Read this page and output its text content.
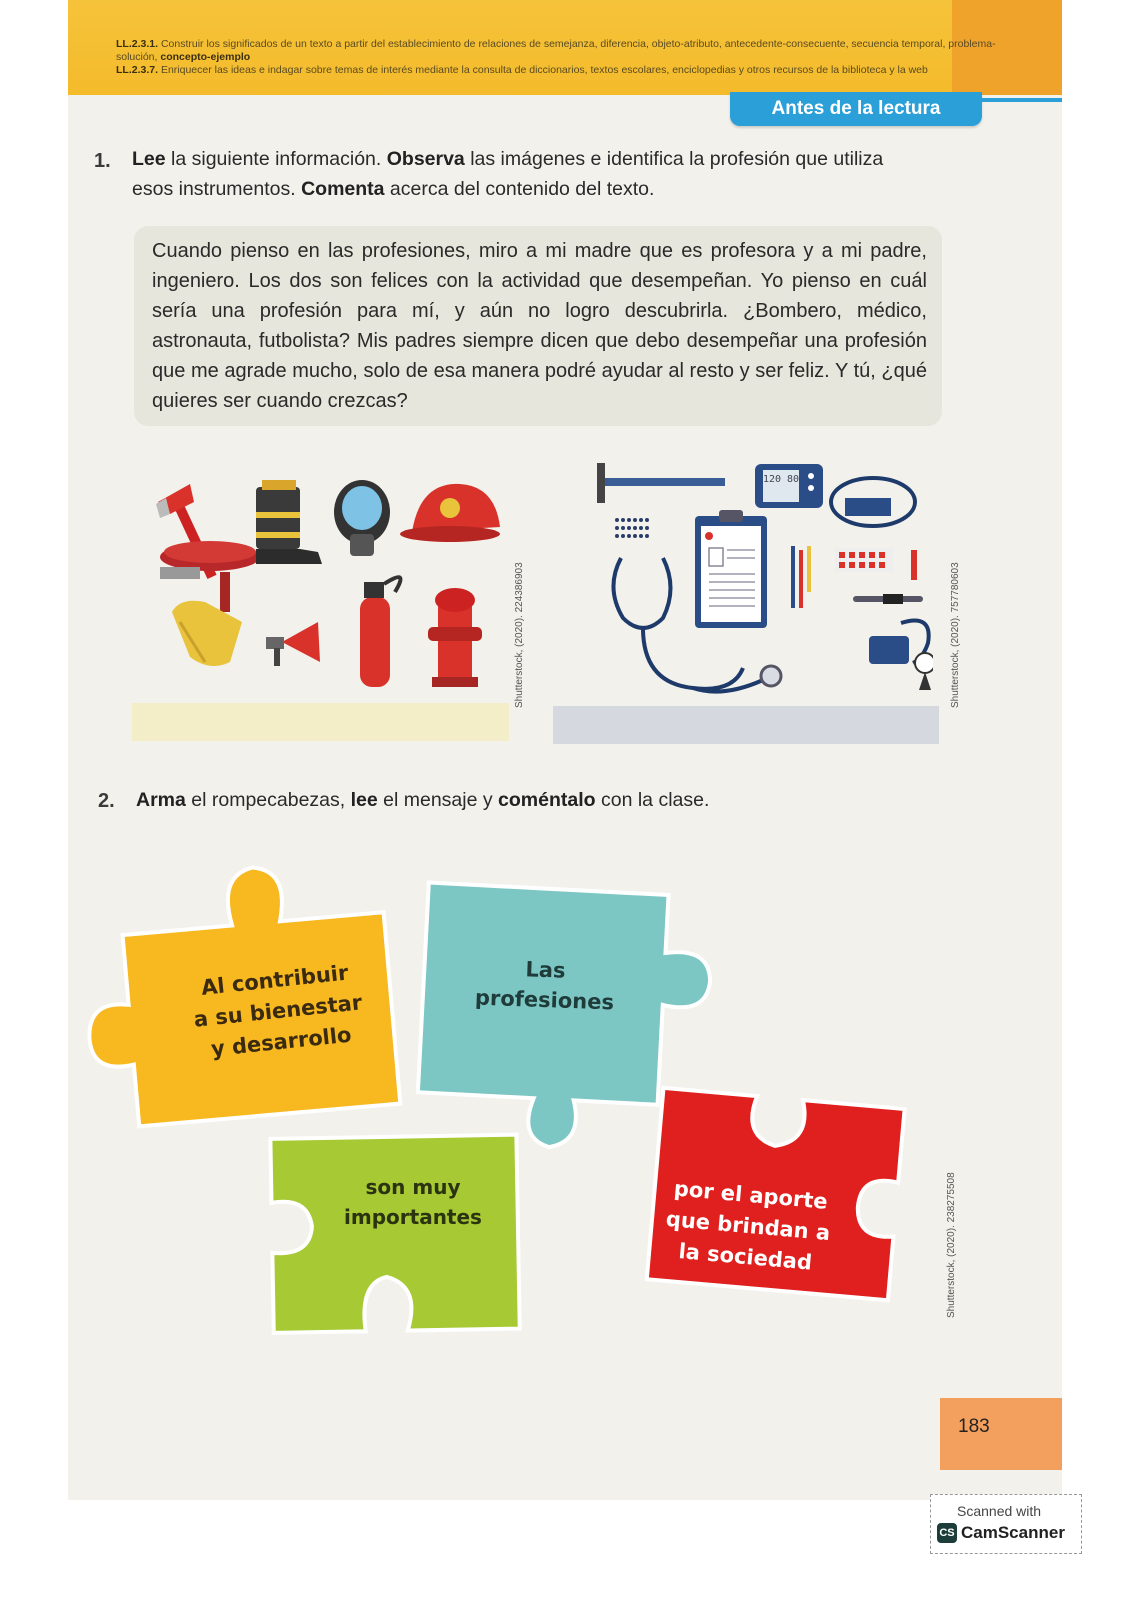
LL.2.3.1. Construir los significados de un texto a partir del establecimiento de relaciones de semejanza, diferencia, objeto-atributo, antecedente-consecuente, secuencia temporal, problema-solución, concepto-ejemplo
LL.2.3.7. Enriquecer las ideas e indagar sobre temas de interés mediante la consulta de diccionarios, textos escolares, enciclopedias y otros recursos de la biblioteca y la web
Antes de la lectura
1. Lee la siguiente información. Observa las imágenes e identifica la profesión que utiliza
esos instrumentos. Comenta acerca del contenido del texto.

Cuando pienso en las profesiones, miro a mi madre que es profesora y a mi padre, ingeniero. Los dos son felices con la actividad que desempeñan. Yo pienso en cuál sería una profesión para mí, y aún no logro descubrirla. ¿Bombero, médico, astronauta, futbolista? Mis padres siempre dicen que debo desempeñar una profesión que me agrade mucho, solo de esa manera podré ayudar al resto y ser feliz. Y tú, ¿qué quieres ser cuando crezcas?

Shutterstock, (2020). 224386903
120 80
Shutterstock, (2020). 757780603
2. Arma el rompecabezas, lee el mensaje y coméntalo con la clase.
Al contribuir
a su bienestar
y desarrollo
Las
profesiones
son muy
importantes
por el aporte
que brindan a
la sociedad	Shutterstock, (2020). 238275508
183
Scanned with
CS CamScanner
